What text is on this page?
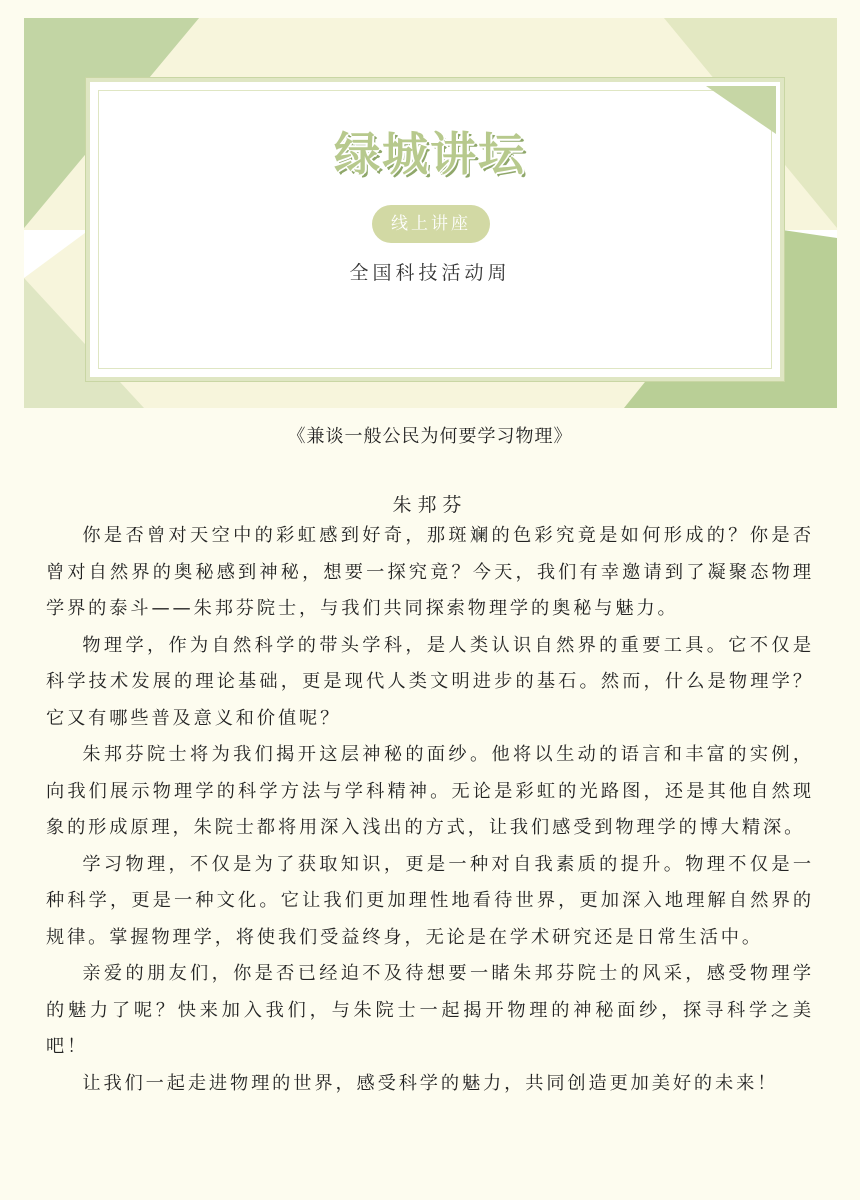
绿城讲坛
线上讲座
全国科技活动周
《兼谈一般公民为何要学习物理》
朱邦芬

你是否曾对天空中的彩虹感到好奇，那斑斓的色彩究竟是如何形成的？你是否曾对自然界的奥秘感到神秘，想要一探究竟？今天，我们有幸邀请到了凝聚态物理学界的泰斗——朱邦芬院士，与我们共同探索物理学的奥秘与魅力。

物理学，作为自然科学的带头学科，是人类认识自然界的重要工具。它不仅是科学技术发展的理论基础，更是现代人类文明进步的基石。然而，什么是物理学？它又有哪些普及意义和价值呢？

朱邦芬院士将为我们揭开这层神秘的面纱。他将以生动的语言和丰富的实例，向我们展示物理学的科学方法与学科精神。无论是彩虹的光路图，还是其他自然现象的形成原理，朱院士都将用深入浅出的方式，让我们感受到物理学的博大精深。

学习物理，不仅是为了获取知识，更是一种对自我素质的提升。物理不仅是一种科学，更是一种文化。它让我们更加理性地看待世界，更加深入地理解自然界的规律。掌握物理学，将使我们受益终身，无论是在学术研究还是日常生活中。

亲爱的朋友们，你是否已经迫不及待想要一睹朱邦芬院士的风采，感受物理学的魅力了呢？快来加入我们，与朱院士一起揭开物理的神秘面纱，探寻科学之美吧！

让我们一起走进物理的世界，感受科学的魅力，共同创造更加美好的未来！
